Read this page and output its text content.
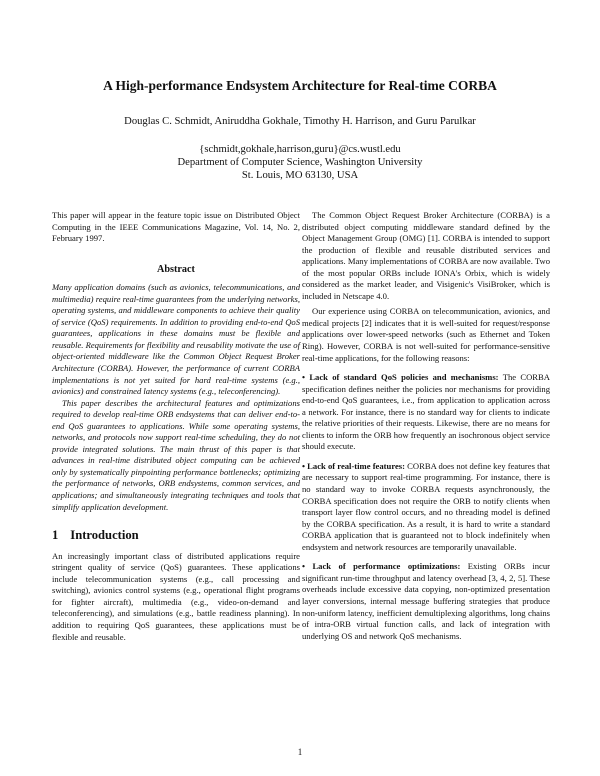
A High-performance Endsystem Architecture for Real-time CORBA
Douglas C. Schmidt, Aniruddha Gokhale, Timothy H. Harrison, and Guru Parulkar
{schmidt,gokhale,harrison,guru}@cs.wustl.edu
Department of Computer Science, Washington University
St. Louis, MO 63130, USA

This paper will appear in the feature topic issue on Distributed Object Computing in the IEEE Communications Magazine, Vol. 14, No. 2, February 1997.

Abstract

Many application domains (such as avionics, telecommunications, and multimedia) require real-time guarantees from the underlying networks, operating systems, and middleware components to achieve their quality of service (QoS) requirements. In addition to providing end-to-end QoS guarantees, applications in these domains must be flexible and reusable. Requirements for flexibility and reusability motivate the use of object-oriented middleware like the Common Object Request Broker Architecture (CORBA). However, the performance of current CORBA implementations is not yet suited for hard real-time systems (e.g., avionics) and constrained latency systems (e.g., teleconferencing).

This paper describes the architectural features and optimizations required to develop real-time ORB endsystems that can deliver end-to-end QoS guarantees to applications. While some operating systems, networks, and protocols now support real-time scheduling, they do not provide integrated solutions. The main thrust of this paper is that advances in real-time distributed object computing can be achieved only by systematically pinpointing performance bottlenecks; optimizing the performance of networks, ORB endsystems, common services, and applications; and simultaneously integrating techniques and tools that simplify application development.

1 Introduction

An increasingly important class of distributed applications require stringent quality of service (QoS) guarantees. These applications include telecommunication systems (e.g., call processing and switching), avionics control systems (e.g., operational flight programs for fighter aircraft), multimedia (e.g., video-on-demand and teleconferencing), and simulations (e.g., battle readiness planning). In addition to requiring QoS guarantees, these applications must be flexible and reusable.

The Common Object Request Broker Architecture (CORBA) is a distributed object computing middleware standard defined by the Object Management Group (OMG) [1]. CORBA is intended to support the production of flexible and reusable distributed services and applications. Many implementations of CORBA are now available. Two of the most popular ORBs include IONA's Orbix, which is widely considered as the market leader, and Visigenic's VisiBroker, which is included in Netscape 4.0.

Our experience using CORBA on telecommunication, avionics, and medical projects [2] indicates that it is well-suited for request/response applications over lower-speed networks (such as Ethernet and Token Ring). However, CORBA is not well-suited for performance-sensitive real-time applications, for the following reasons:

• Lack of standard QoS policies and mechanisms: The CORBA specification defines neither the policies nor mechanisms for providing end-to-end QoS guarantees, i.e., from application to application across a network. For instance, there is no standard way for clients to indicate the relative priorities of their requests. Likewise, there are no means for clients to inform the ORB how frequently an isochronous object service should execute.

• Lack of real-time features: CORBA does not define key features that are necessary to support real-time programming. For instance, there is no standard way to invoke CORBA requests asynchronously, the CORBA specification does not require the ORB to notify clients when transport layer flow control occurs, and no threading model is defined by the CORBA specification. As a result, it is hard to write a standard CORBA application that is guaranteed not to block indefinitely when endsystem and network resources are temporarily unavailable.

• Lack of performance optimizations: Existing ORBs incur significant run-time throughput and latency overhead [3, 4, 2, 5]. These overheads include excessive data copying, non-optimized presentation layer conversions, internal message buffering strategies that produce non-uniform latency, inefficient demultiplexing algorithms, long chains of intra-ORB virtual function calls, and lack of integration with underlying OS and network QoS mechanisms.

1
